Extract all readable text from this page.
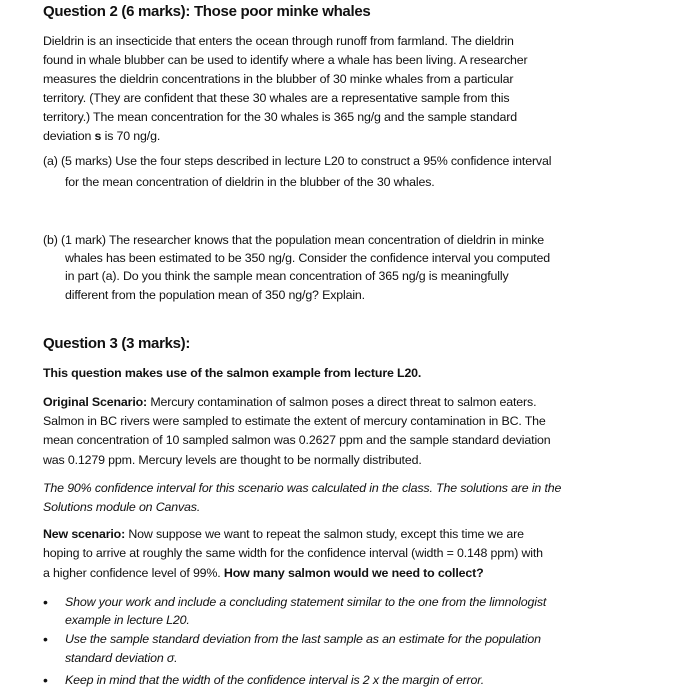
Question 2 (6 marks): Those poor minke whales
Dieldrin is an insecticide that enters the ocean through runoff from farmland. The dieldrin
found in whale blubber can be used to identify where a whale has been living. A researcher
measures the dieldrin concentrations in the blubber of 30 minke whales from a particular
territory. (They are confident that these 30 whales are a representative sample from this
territory.) The mean concentration for the 30 whales is 365 ng/g and the sample standard
deviation s is 70 ng/g.
(a) (5 marks) Use the four steps described in lecture L20 to construct a 95% confidence interval
for the mean concentration of dieldrin in the blubber of the 30 whales.
(b) (1 mark) The researcher knows that the population mean concentration of dieldrin in minke
whales has been estimated to be 350 ng/g. Consider the confidence interval you computed
in part (a). Do you think the sample mean concentration of 365 ng/g is meaningfully
different from the population mean of 350 ng/g? Explain.
Question 3 (3 marks):
This question makes use of the salmon example from lecture L20.
Original Scenario: Mercury contamination of salmon poses a direct threat to salmon eaters.
Salmon in BC rivers were sampled to estimate the extent of mercury contamination in BC. The
mean concentration of 10 sampled salmon was 0.2627 ppm and the sample standard deviation
was 0.1279 ppm. Mercury levels are thought to be normally distributed.
The 90% confidence interval for this scenario was calculated in the class. The solutions are in the
Solutions module on Canvas.
New scenario: Now suppose we want to repeat the salmon study, except this time we are
hoping to arrive at roughly the same width for the confidence interval (width = 0.148 ppm) with
a higher confidence level of 99%. How many salmon would we need to collect?
• Show your work and include a concluding statement similar to the one from the limnologist
example in lecture L20.
• Use the sample standard deviation from the last sample as an estimate for the population
standard deviation σ.
• Keep in mind that the width of the confidence interval is 2 x the margin of error.
